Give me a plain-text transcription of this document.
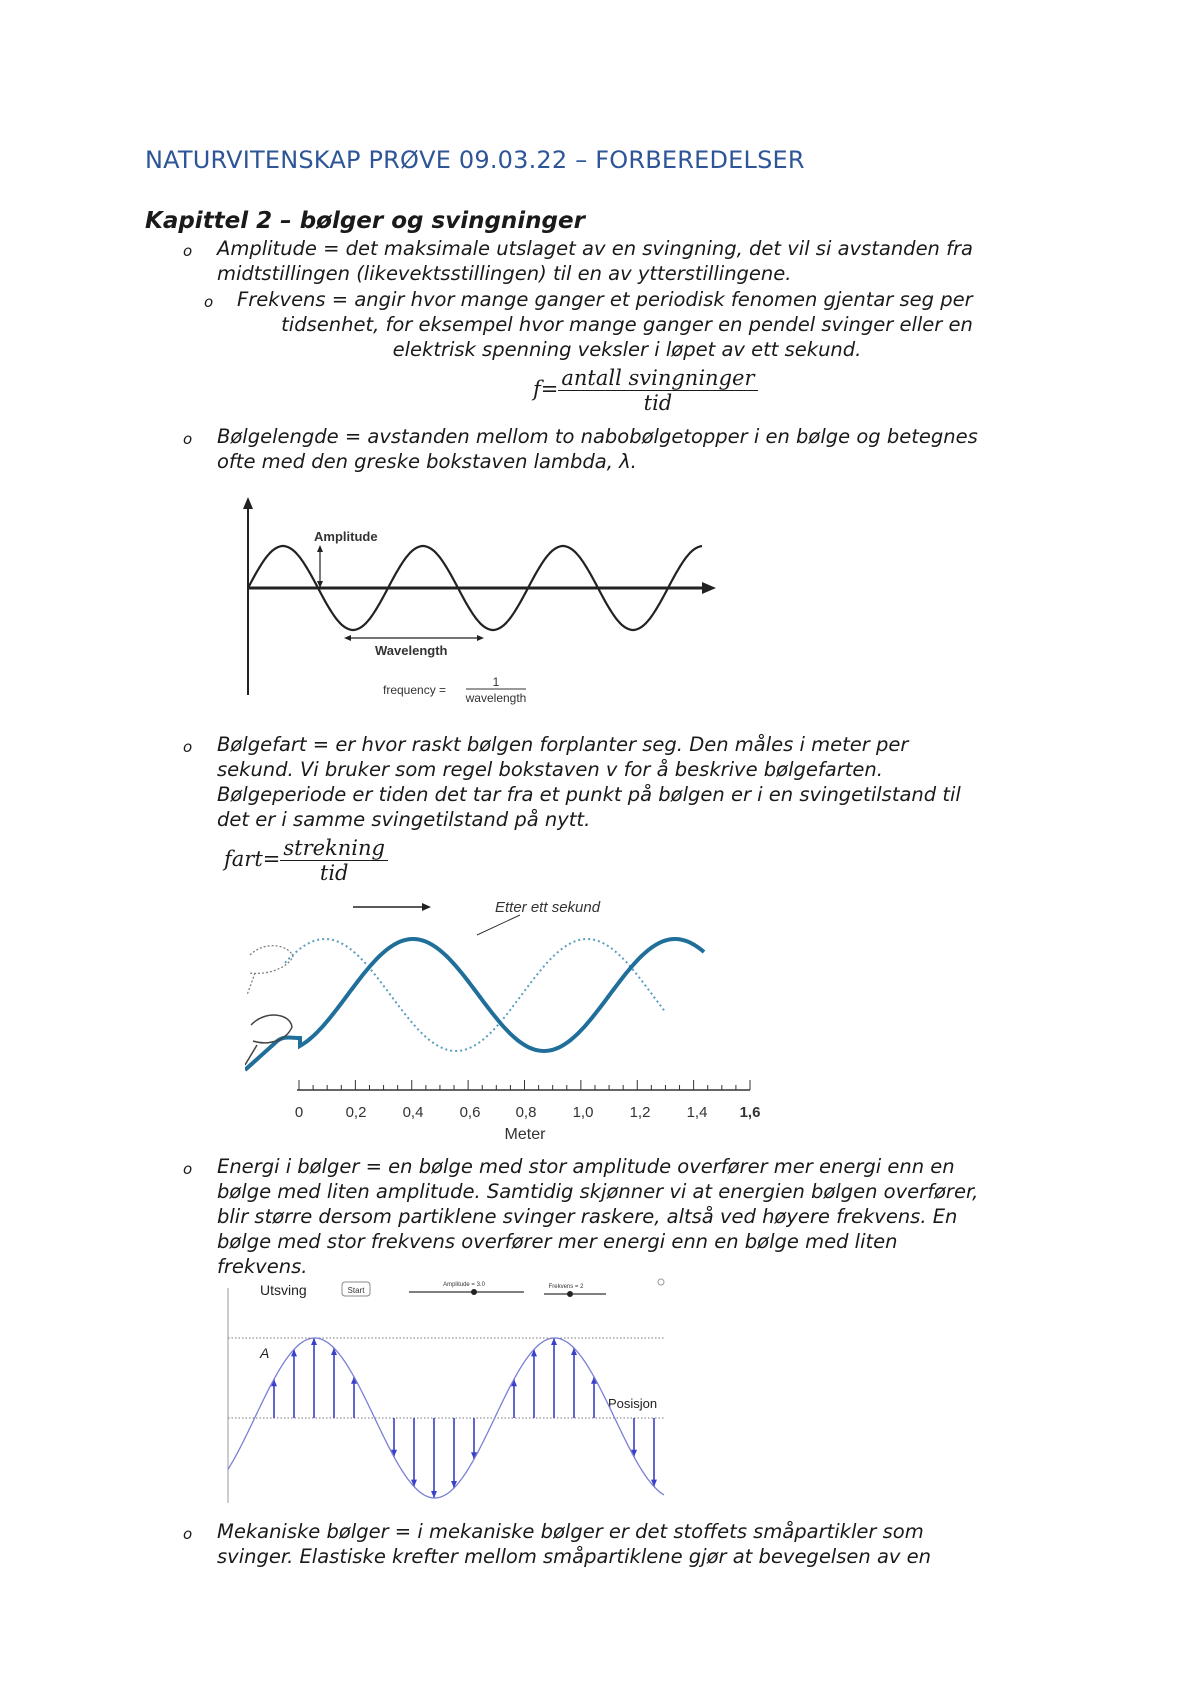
NATURVITENSKAP PRØVE 09.03.22 – FORBEREDELSER
Kapittel 2 – bølger og svingninger
o Amplitude = det maksimale utslaget av en svingning, det vil si avstanden fra
midtstillingen (likevektsstillingen) til en av ytterstillingene.
o Frekvens = angir hvor mange ganger et periodisk fenomen gjentar seg per
tidsenhet, for eksempel hvor mange ganger en pendel svinger eller en
elektrisk spenning veksler i løpet av ett sekund.
$f= \frac{\text{antall svingninger}}{\text{tid}}$
o Bølgelengde = avstanden mellom to nabobølgetopper i en bølge og betegnes
ofte med den greske bokstaven lambda, λ.
Amplitude
Wavelength
frequency =
1
wavelength
o Bølgefart = er hvor raskt bølgen forplanter seg. Den måles i meter per
sekund. Vi bruker som regel bokstaven v for å beskrive bølgefarten.
Bølgeperiode er tiden det tar fra et punkt på bølgen er i en svingetilstand til
det er i samme svingetilstand på nytt.
fart= $\frac{\text{strekning}}{\text{tid}}$
Etter ett sekund
0	0,2 0,4 0,6 0,8 1,0 1,2 1,4 1,6
Meter
o Energi i bølger = en bølge med stor amplitude overfører mer energi enn en
bølge med liten amplitude. Samtidig skjønner vi at energien bølgen overfører,
blir større dersom partiklene svinger raskere, altså ved høyere frekvens. En
bølge med stor frekvens overfører mer energi enn en bølge med liten
frekvens.
Utsving	Start
Amplitude = 3.0	Frekvens = 2
A
Posisjon
o Mekaniske bølger = i mekaniske bølger er det stoffets småpartikler som
svinger. Elastiske krefter mellom småpartiklene gjør at bevegelsen av en
